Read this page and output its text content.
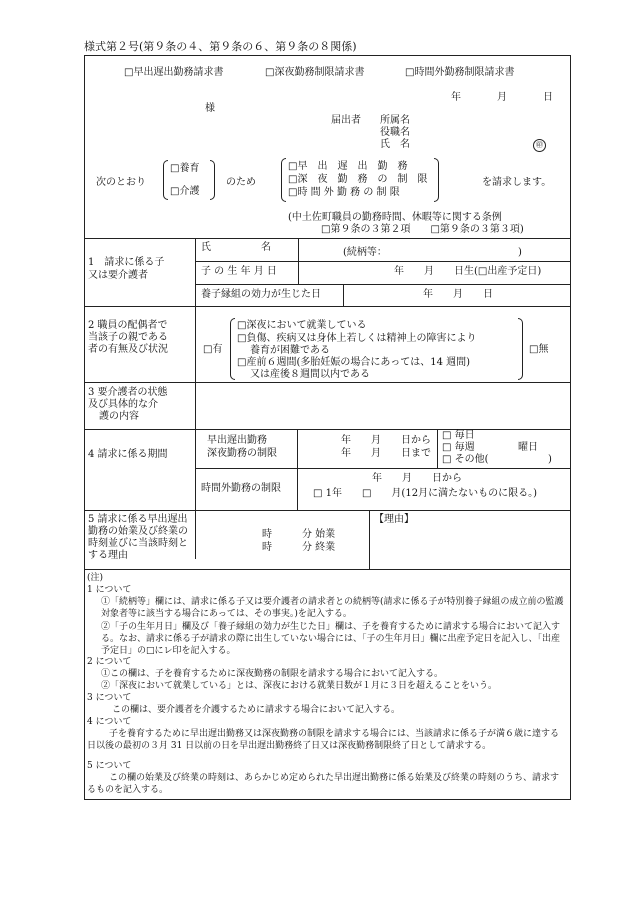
様式第２号(第９条の４、第９条の６、第９条の８関係)
□早出遅出勤務請求書	□深夜勤務制限請求書	□時間外勤務制限請求書
年	月	日
様
届出者 所属名
役職名
氏　名	㊞
次のとおり
□養育
□介護
のため
□早　出　遅　出　勤　務
□深　夜　勤　務　の　制　限
□時 間 外 勤 務 の 制 限
を請求します。
(中土佐町職員の勤務時間、休暇等に関する条例
□第９条の３第２項　　□第９条の３第３項)
1　請求に係る子
又は要介護者
氏　　　　　名	(続柄等：	)
子 の 生 年 月 日	年　　月　　日生(□出産予定日)
養子縁組の効力が生じた日	年　　月　　日
2 職員の配偶者で
当該子の親である
者の有無及び状況	□有
□深夜において就業している
□負傷、疾病又は身体上若しくは精神上の障害により
養育が困難である
□産前６週間(多胎妊娠の場合にあっては、14 週間)
又は産後８週間以内である
□無
3 要介護者の状態
及び具体的な介
護の内容
4 請求に係る期間
早出遅出勤務
深夜勤務の制限
年　　月　　日から
年　　月　　日まで
□ 毎日
□ 毎週	曜日
□ その他(	)
時間外勤務の制限
年　　月　　日から
□ 1年　　□　　月(12月に満たないものに限る。)
5 請求に係る早出遅出
勤務の始業及び終業の
時刻並びに当該時刻と
する理由
時　　　分 始業
時　　　分 終業
【理由】
(注)
1 について
①「続柄等」欄には、請求に係る子又は要介護者の請求者との続柄等(請求に係る子が特別養子縁組の成立前の監護対象者等に該当する場合にあっては、その事実。)を記入する。
②「子の生年月日」欄及び「養子縁組の効力が生じた日」欄は、子を養育するために請求する場合において記入する。なお、請求に係る子が請求の際に出生していない場合には、「子の生年月日」欄に出産予定日を記入し、「出産予定日」の□にレ印を記入する。
2 について
①この欄は、子を養育するために深夜勤務の制限を請求する場合において記入する。
②「深夜において就業している」とは、深夜における就業日数が１月に３日を超えることをいう。
3 について
この欄は、要介護者を介護するために請求する場合において記入する。
4 について
子を養育するために早出遅出勤務又は深夜勤務の制限を請求する場合には、当該請求に係る子が満６歳に達する日以後の最初の３月 31 日以前の日を早出遅出勤務終了日又は深夜勤務制限終了日として請求する。
5 について
この欄の始業及び終業の時刻は、あらかじめ定められた早出遅出勤務に係る始業及び終業の時刻のうち、請求するものを記入する。
